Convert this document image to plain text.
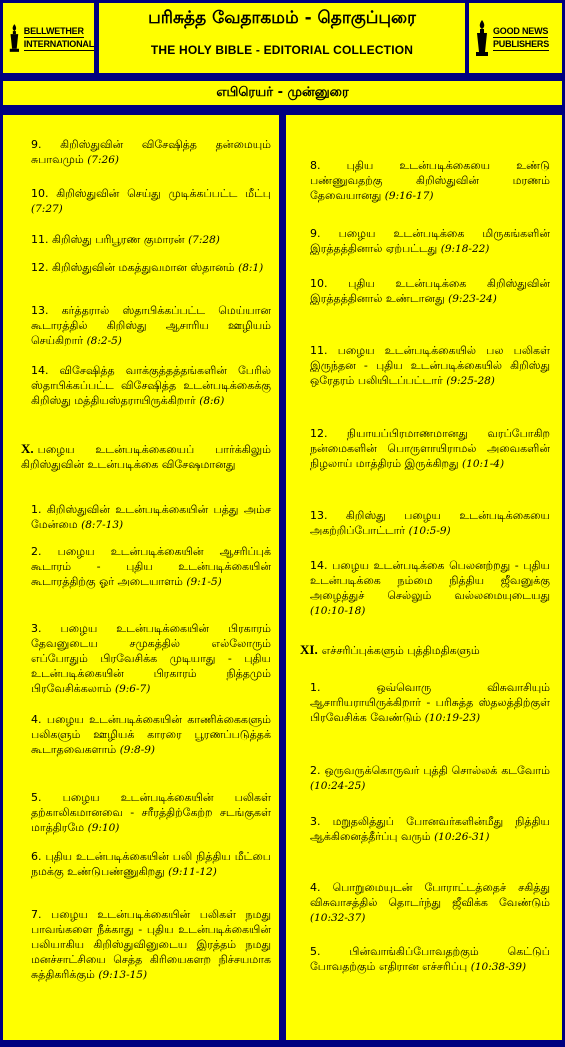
BELLWETHER
INTERNATIONAL
பரிசுத்த வேதாகமம் - தொகுப்புரை
THE HOLY BIBLE - EDITORIAL COLLECTION
GOOD NEWS
PUBLISHERS
எபிரெயர் - முன்னுரை
9. கிறிஸ்துவின் விசேஷித்த தன்மையும் சுபாவமும் (7:26)
10. கிறிஸ்துவின் செய்து முடிக்கப்பட்ட மீட்பு (7:27)
11. கிறிஸ்து பரிபூரண குமாரன் (7:28)
12. கிறிஸ்துவின் மகத்துவமான ஸ்தானம் (8:1)
13. கர்த்தரால் ஸ்தாபிக்கப்பட்ட மெய்யான கூடாரத்தில் கிறிஸ்து ஆசாரிய ஊழியம் செய்கிறார் (8:2-5)
14. விசேஷித்த வாக்குத்தத்தங்களின் பேரில் ஸ்தாபிக்கப்பட்ட விசேஷித்த உடன்படிக்கைக்கு கிறிஸ்து மத்தியஸ்தராயிருக்கிறார் (8:6)
X. பழைய உடன்படிக்கையைப் பார்க்கிலும் கிறிஸ்துவின் உடன்படிக்கை விசேஷமானது
1. கிறிஸ்துவின் உடன்படிக்கையின் பத்து அம்ச மேன்மை (8:7-13)
2. பழைய உடன்படிக்கையின் ஆசரிப்புக் கூடாரம் - புதிய உடன்படிக்கையின் கூடாரத்திற்கு ஓர் அடையாளம் (9:1-5)
3. பழைய உடன்படிக்கையின் பிரகாரம் தேவனுடைய சமுகத்தில் எல்லோரும் எப்போதும் பிரவேசிக்க முடியாது - புதிய உடன்படிக்கையின் பிரகாரம் நித்தமும் பிரவேசிக்கலாம் (9:6-7)
4. பழைய உடன்படிக்கையின் காணிக்கைகளும் பலிகளும் ஊழியக் காரரை பூரணப்படுத்தக் கூடாதவைகளாம் (9:8-9)
5. பழைய உடன்படிக்கையின் பலிகள் தற்காலிகமானவை - சரீரத்திற்கேற்ற சடங்குகள் மாத்திரமே (9:10)
6. புதிய உடன்படிக்கையின் பலி நித்திய மீட்பை நமக்கு உண்டுபண்ணுகிறது (9:11-12)
7. பழைய உடன்படிக்கையின் பலிகள் நமது பாவங்களை நீக்காது - புதிய உடன்படிக்கையின் பலியாகிய கிறிஸ்துவினுடைய இரத்தம் நமது மனச்சாட்சியை செத்த கிரியைகளற நிச்சயமாக சுத்திகரிக்கும் (9:13-15)
8. புதிய உடன்படிக்கையை உண்டு பண்ணுவதற்கு கிறிஸ்துவின் மரணம் தேவையானது (9:16-17)
9. பழைய உடன்படிக்கை மிருகங்களின் இரத்தத்தினால் ஏற்பட்டது (9:18-22)
10. புதிய உடன்படிக்கை கிறிஸ்துவின் இரத்தத்தினால் உண்டானது (9:23-24)
11. பழைய உடன்படிக்கையில் பல பலிகள் இருந்தன - புதிய உடன்படிக்கையில் கிறிஸ்து ஒரேதரம் பலியிடப்பட்டார் (9:25-28)
12. நியாயப்பிரமாணமானது வரப்போகிற நன்மைகளின் பொருளாயிராமல் அவைகளின் நிழலாய் மாத்திரம் இருக்கிறது (10:1-4)
13. கிறிஸ்து பழைய உடன்படிக்கையை அகற்றிப்போட்டார் (10:5-9)
14. பழைய உடன்படிக்கை பெலனற்றது - புதிய உடன்படிக்கை நம்மை நித்திய ஜீவனுக்கு அழைத்துச் செல்லும் வல்லமையுடையது (10:10-18)
XI. எச்சரிப்புக்களும் புத்திமதிகளும்
1.	ஒவ்வொரு விசுவாசியும் ஆசாரியராயிருக்கிறார் - பரிசுத்த ஸ்தலத்திற்குள் பிரவேசிக்க வேண்டும் (10:19-23)
2. ஒருவருக்கொருவர் புத்தி சொல்லக் கடவோம் (10:24-25)
3. மறுதலித்துப் போனவர்களின்மீது நித்திய ஆக்கினைத்தீர்ப்பு வரும் (10:26-31)
4. பொறுமையுடன் போராட்டத்தைச் சகித்து விசுவாசத்தில் தொடர்ந்து ஜீவிக்க வேண்டும் (10:32-37)
5.	பின்வாங்கிப்போவதற்கும் கெட்டுப் போவதற்கும் எதிரான எச்சரிப்பு (10:38-39)
